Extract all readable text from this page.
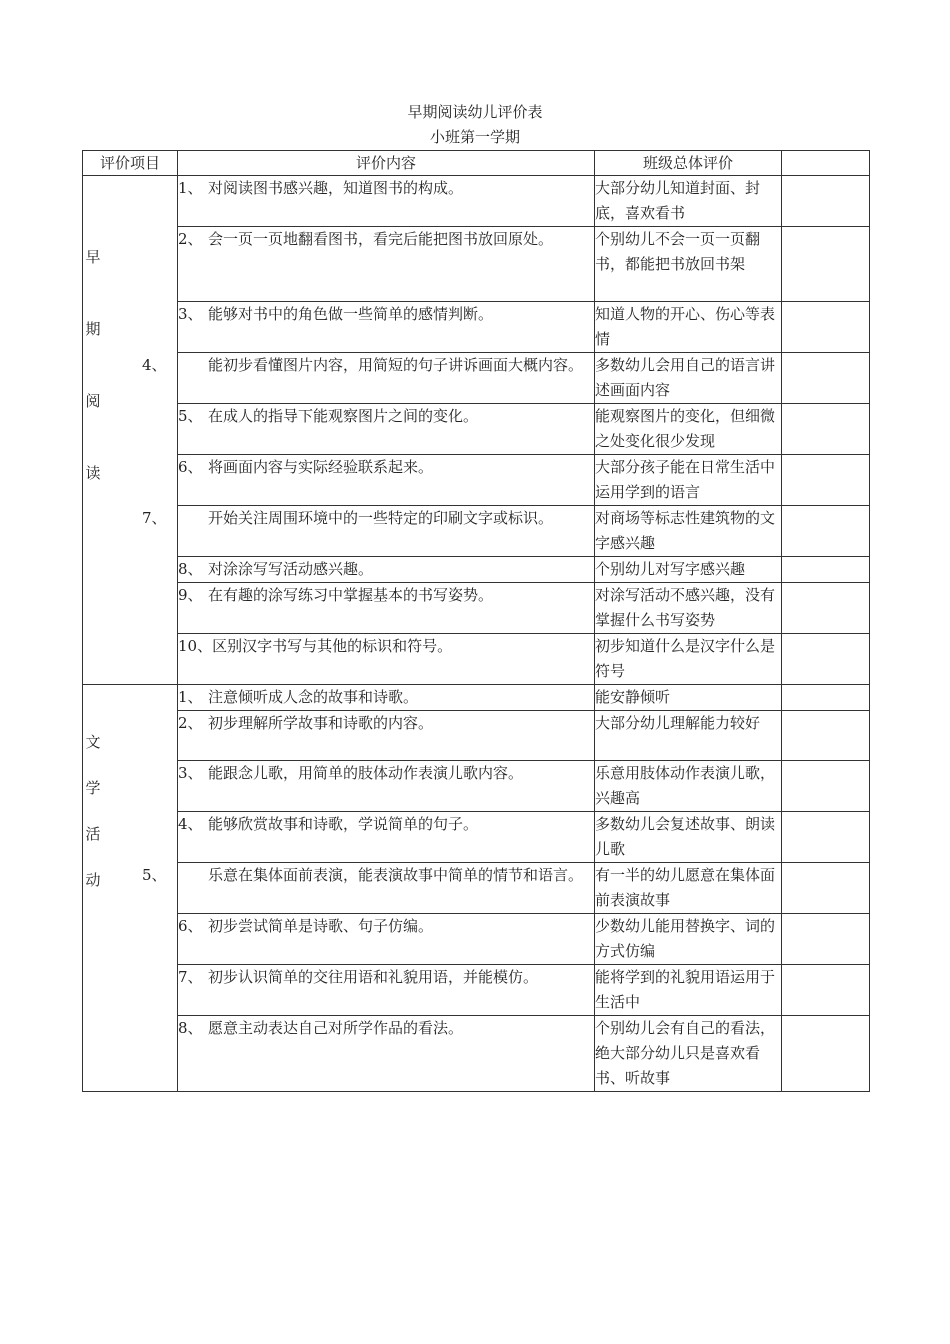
早期阅读幼儿评价表
小班第一学期
评价项目	评价内容	班级总体评价	

早
期
阅
读	1、 对阅读图书感兴趣，知道图书的构成。	大部分幼儿知道封面、封底，喜欢看书	
	2、 会一页一页地翻看图书，看完后能把图书放回原处。	个别幼儿不会一页一页翻书，都能把书放回书架	
	3、 能够对书中的角色做一些简单的感情判断。	知道人物的开心、伤心等表情	

	4、 能初步看懂图片内容，用简短的句子讲诉画面大概内容。	多数幼儿会用自己的语言讲述画面内容	
	5、 在成人的指导下能观察图片之间的变化。	能观察图片的变化，但细微之处变化很少发现	
	6、 将画面内容与实际经验联系起来。	大部分孩子能在日常生活中运用学到的语言	

	7、 开始关注周围环境中的一些特定的印刷文字或标识。	对商场等标志性建筑物的文字感兴趣	
	8、 对涂涂写写活动感兴趣。	个别幼儿对写字感兴趣	
	9、 在有趣的涂写练习中掌握基本的书写姿势。	对涂写活动不感兴趣，没有掌握什么书写姿势	
	10、区别汉字书写与其他的标识和符号。	初步知道什么是汉字什么是符号	

文
学
活
动	1、 注意倾听成人念的故事和诗歌。	能安静倾听	
	2、 初步理解所学故事和诗歌的内容。	大部分幼儿理解能力较好	
	3、 能跟念儿歌，用简单的肢体动作表演儿歌内容。	乐意用肢体动作表演儿歌，兴趣高	
	4、 能够欣赏故事和诗歌，学说简单的句子。	多数幼儿会复述故事、朗读儿歌	

	5、 乐意在集体面前表演，能表演故事中简单的情节和语言。	有一半的幼儿愿意在集体面前表演故事	
	6、 初步尝试简单是诗歌、句子仿编。	少数幼儿能用替换字、词的方式仿编	
	7、 初步认识简单的交往用语和礼貌用语，并能模仿。	能将学到的礼貌用语运用于生活中	
	8、 愿意主动表达自己对所学作品的看法。	个别幼儿会有自己的看法，绝大部分幼儿只是喜欢看书、听故事	
